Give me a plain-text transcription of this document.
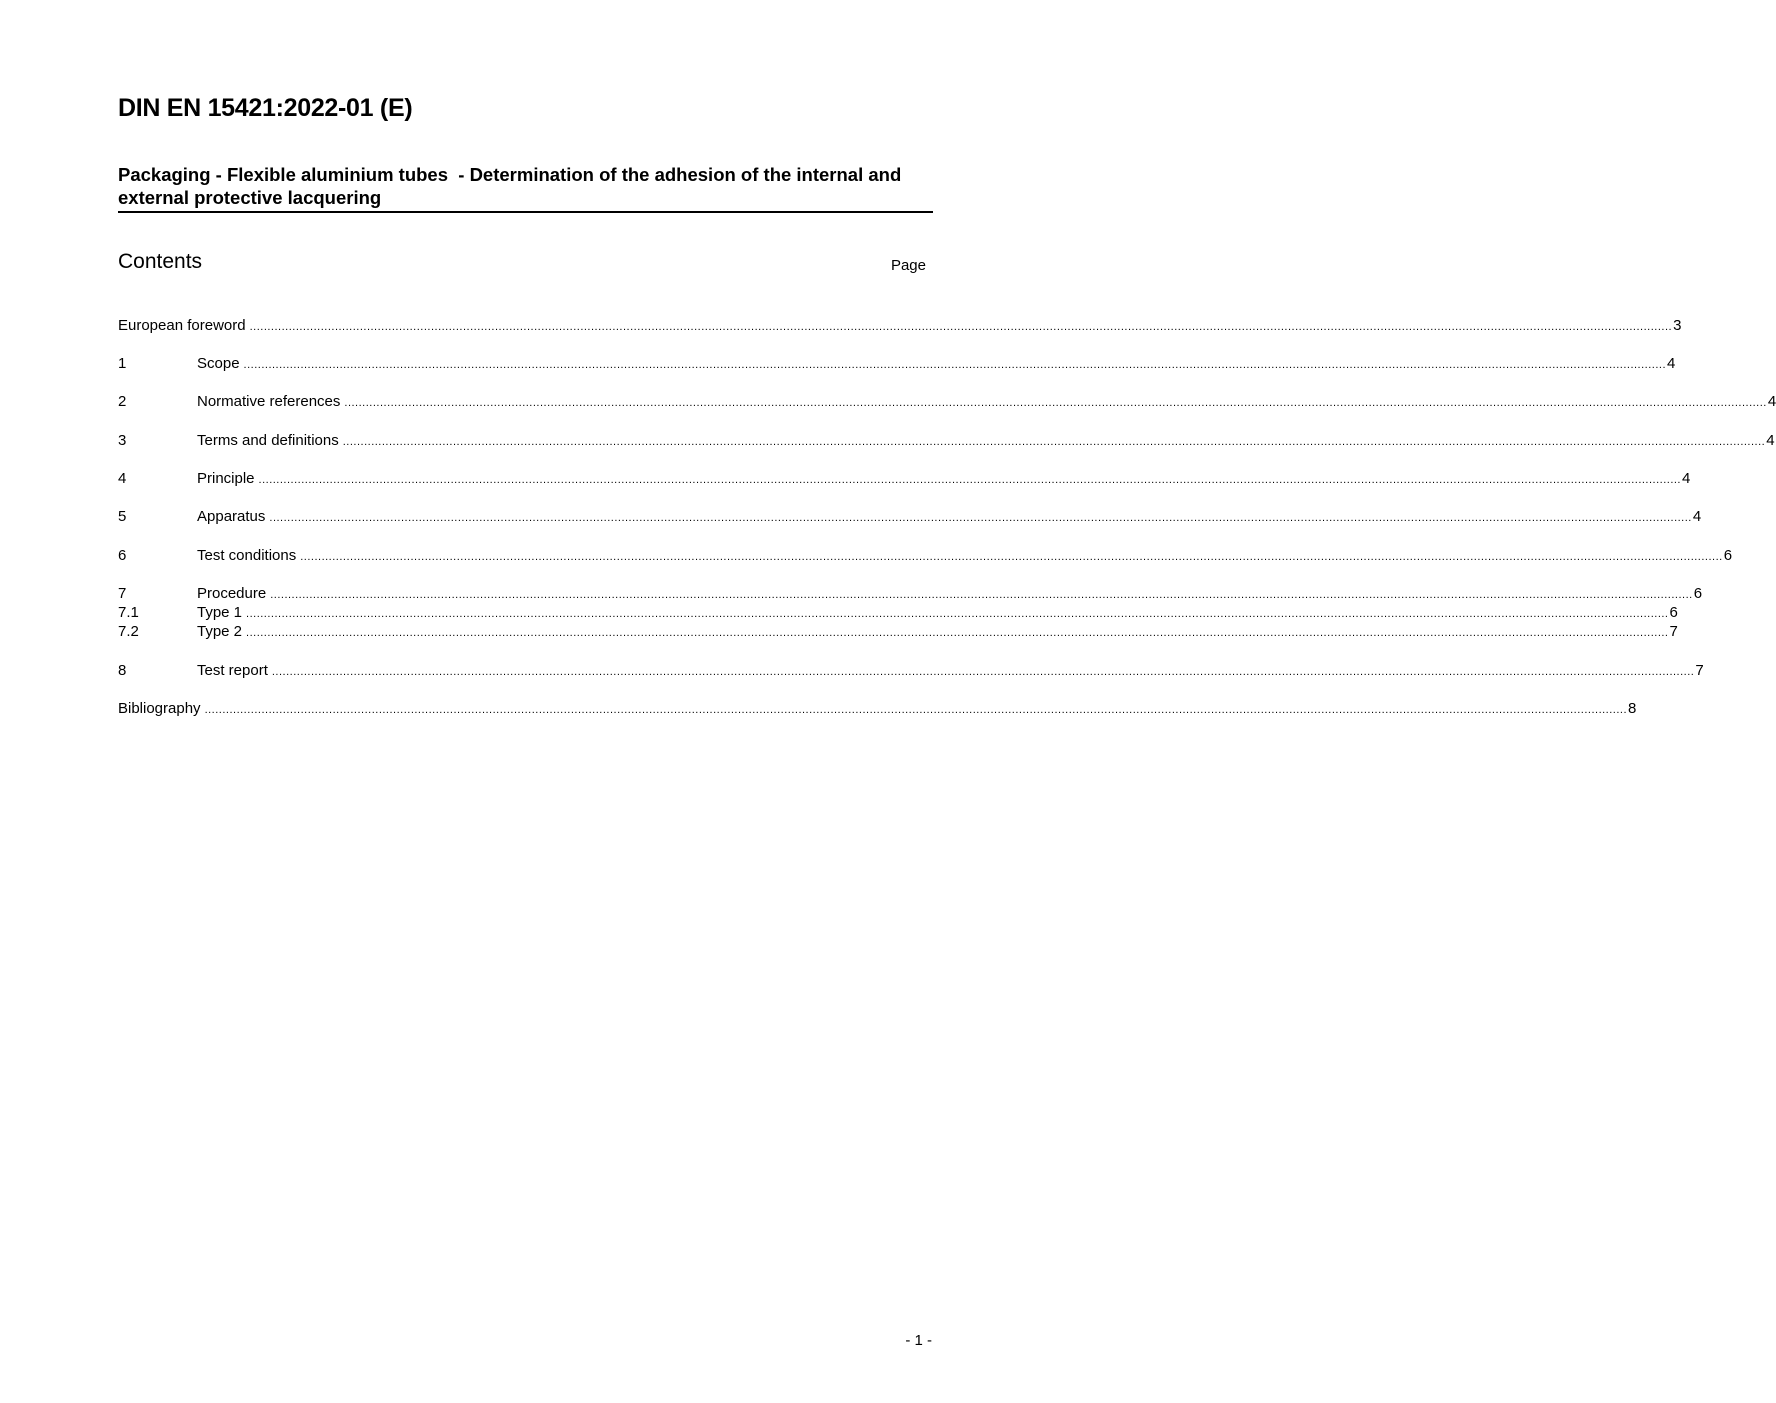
DIN EN 15421:2022-01 (E)
Packaging - Flexible aluminium tubes  - Determination of the adhesion of the internal and external protective lacquering
Contents	Page
European foreword ................................................................................................................................................................................................................................................................................................................................................................................................................ 3
1	Scope ................................................................................................................................................................................................................................................................................................................................................................................................................ 4
2	Normative references ................................................................................................................................................................................................................................................................................................................................................................................................................ 4
3	Terms and definitions ................................................................................................................................................................................................................................................................................................................................................................................................................ 4
4	Principle ................................................................................................................................................................................................................................................................................................................................................................................................................ 4
5	Apparatus ................................................................................................................................................................................................................................................................................................................................................................................................................ 4
6	Test conditions ................................................................................................................................................................................................................................................................................................................................................................................................................ 6
7	Procedure ................................................................................................................................................................................................................................................................................................................................................................................................................ 6
7.1	Type 1 ................................................................................................................................................................................................................................................................................................................................................................................................................ 6
7.2	Type 2 ................................................................................................................................................................................................................................................................................................................................................................................................................ 7
8	Test report ................................................................................................................................................................................................................................................................................................................................................................................................................ 7
Bibliography ................................................................................................................................................................................................................................................................................................................................................................................................................ 8
- 1 -
